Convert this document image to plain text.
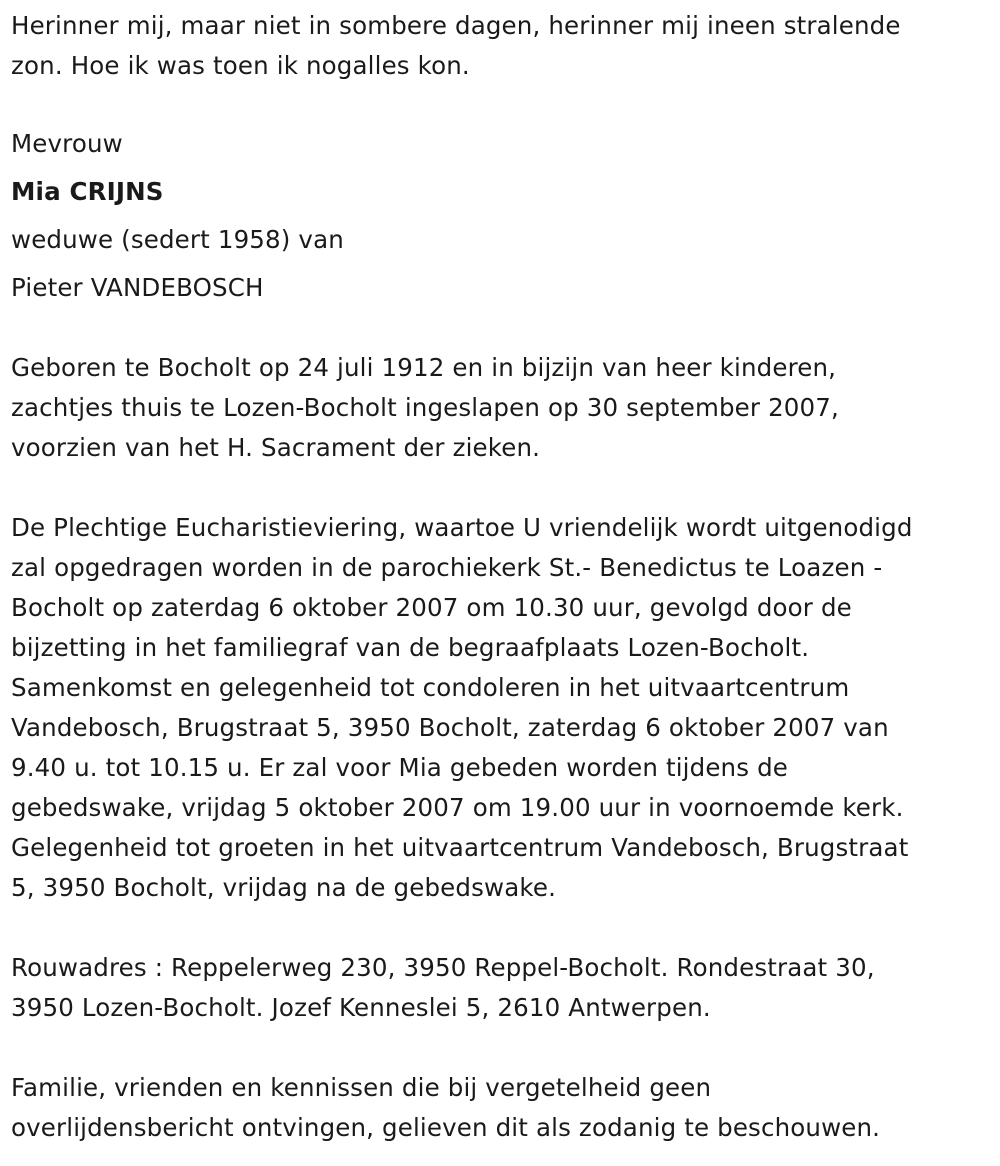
Herinner mij, maar niet in sombere dagen, herinner mij ineen stralende
zon. Hoe ik was toen ik nogalles kon.
Mevrouw
Mia CRIJNS
weduwe (sedert 1958) van
Pieter VANDEBOSCH
Geboren te Bocholt op 24 juli 1912 en in bijzijn van heer kinderen,
zachtjes thuis te Lozen-Bocholt ingeslapen op 30 september 2007,
voorzien van het H. Sacrament der zieken.
De Plechtige Eucharistieviering, waartoe U vriendelijk wordt uitgenodigd
zal opgedragen worden in de parochiekerk St.- Benedictus te Loazen -
Bocholt op zaterdag 6 oktober 2007 om 10.30 uur, gevolgd door de
bijzetting in het familiegraf van de begraafplaats Lozen-Bocholt.
Samenkomst en gelegenheid tot condoleren in het uitvaartcentrum
Vandebosch, Brugstraat 5, 3950 Bocholt, zaterdag 6 oktober 2007 van
9.40 u. tot 10.15 u. Er zal voor Mia gebeden worden tijdens de
gebedswake, vrijdag 5 oktober 2007 om 19.00 uur in voornoemde kerk.
Gelegenheid tot groeten in het uitvaartcentrum Vandebosch, Brugstraat
5, 3950 Bocholt, vrijdag na de gebedswake.
Rouwadres : Reppelerweg 230, 3950 Reppel-Bocholt. Rondestraat 30,
3950 Lozen-Bocholt. Jozef Kenneslei 5, 2610 Antwerpen.
Familie, vrienden en kennissen die bij vergetelheid geen
overlijdensbericht ontvingen, gelieven dit als zodanig te beschouwen.
